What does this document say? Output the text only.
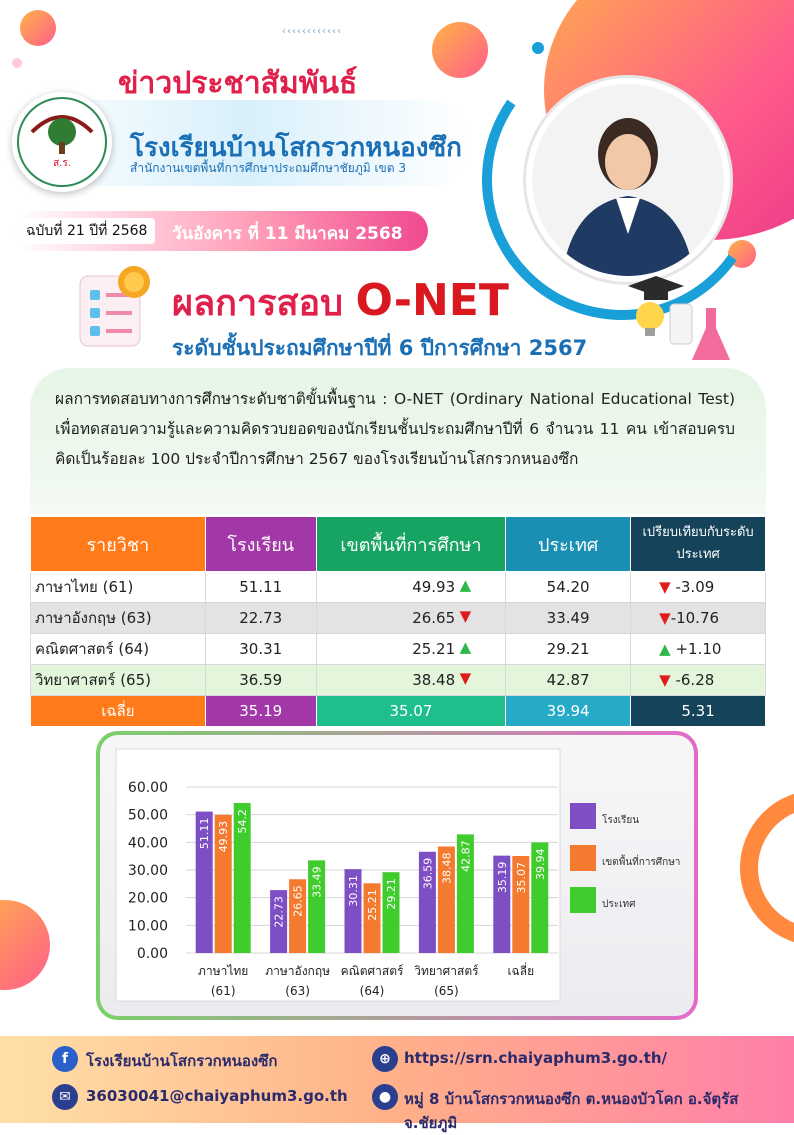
‹‹‹‹‹‹‹‹‹‹‹‹
ส.ร.
ข่าวประชาสัมพันธ์
โรงเรียนบ้านโสกรวกหนองซึก
สำนักงานเขตพื้นที่การศึกษาประถมศึกษาชัยภูมิ เขต 3
ฉบับที่ 21 ปีที่ 2568	วันอังคาร ที่ 11 มีนาคม 2568
ผลการสอบ O-NET
ระดับชั้นประถมศึกษาปีที่ 6 ปีการศึกษา 2567
ผลการทดสอบทางการศึกษาระดับชาติขั้นพื้นฐาน : O-NET (Ordinary National Educational Test) เพื่อทดสอบความรู้และความคิดรวบยอดของนักเรียนชั้นประถมศึกษาปีที่ 6 จำนวน 11 คน เข้าสอบครบ คิดเป็นร้อยละ 100 ประจำปีการศึกษา 2567 ของโรงเรียนบ้านโสกรวกหนองซึก
รายวิชา	โรงเรียน	เขตพื้นที่การศึกษา	ประเทศ	เปรียบเทียบกับระดับประเทศ
ภาษาไทย (61)	51.11	49.93 ▲	54.20	▼ -3.09
ภาษาอังกฤษ (63)	22.73	26.65 ▼	33.49	▼-10.76
คณิตศาสตร์ (64)	30.31	25.21 ▲	29.21	▲ +1.10
วิทยาศาสตร์ (65)	36.59	38.48 ▼	42.87	▼ -6.28
เฉลี่ย	35.19	35.07	39.94	5.31
0.00
10.00
20.00
30.00
40.00
50.00
60.00
51.11 49.93 54.2
ภาษาไทย
(61)
22.73 26.65
33.49
ภาษาอังกฤษ
(63)
30.31 25.21 29.21
คณิตศาสตร์
(64)
36.59 38.48 42.87
วิทยาศาสตร์
(65)
35.19 35.07 39.94
เฉลี่ย
โรงเรียน
เขตพื้นที่การศึกษา
ประเทศ
f	โรงเรียนบ้านโสกรวกหนองซึก	⊕ https://srn.chaiyaphum3.go.th/
✉	36030041@chaiyaphum3.go.th	● หมู่ 8 บ้านโสกรวกหนองซึก ต.หนองบัวโคก อ.จัตุรัส จ.ชัยภูมิ
